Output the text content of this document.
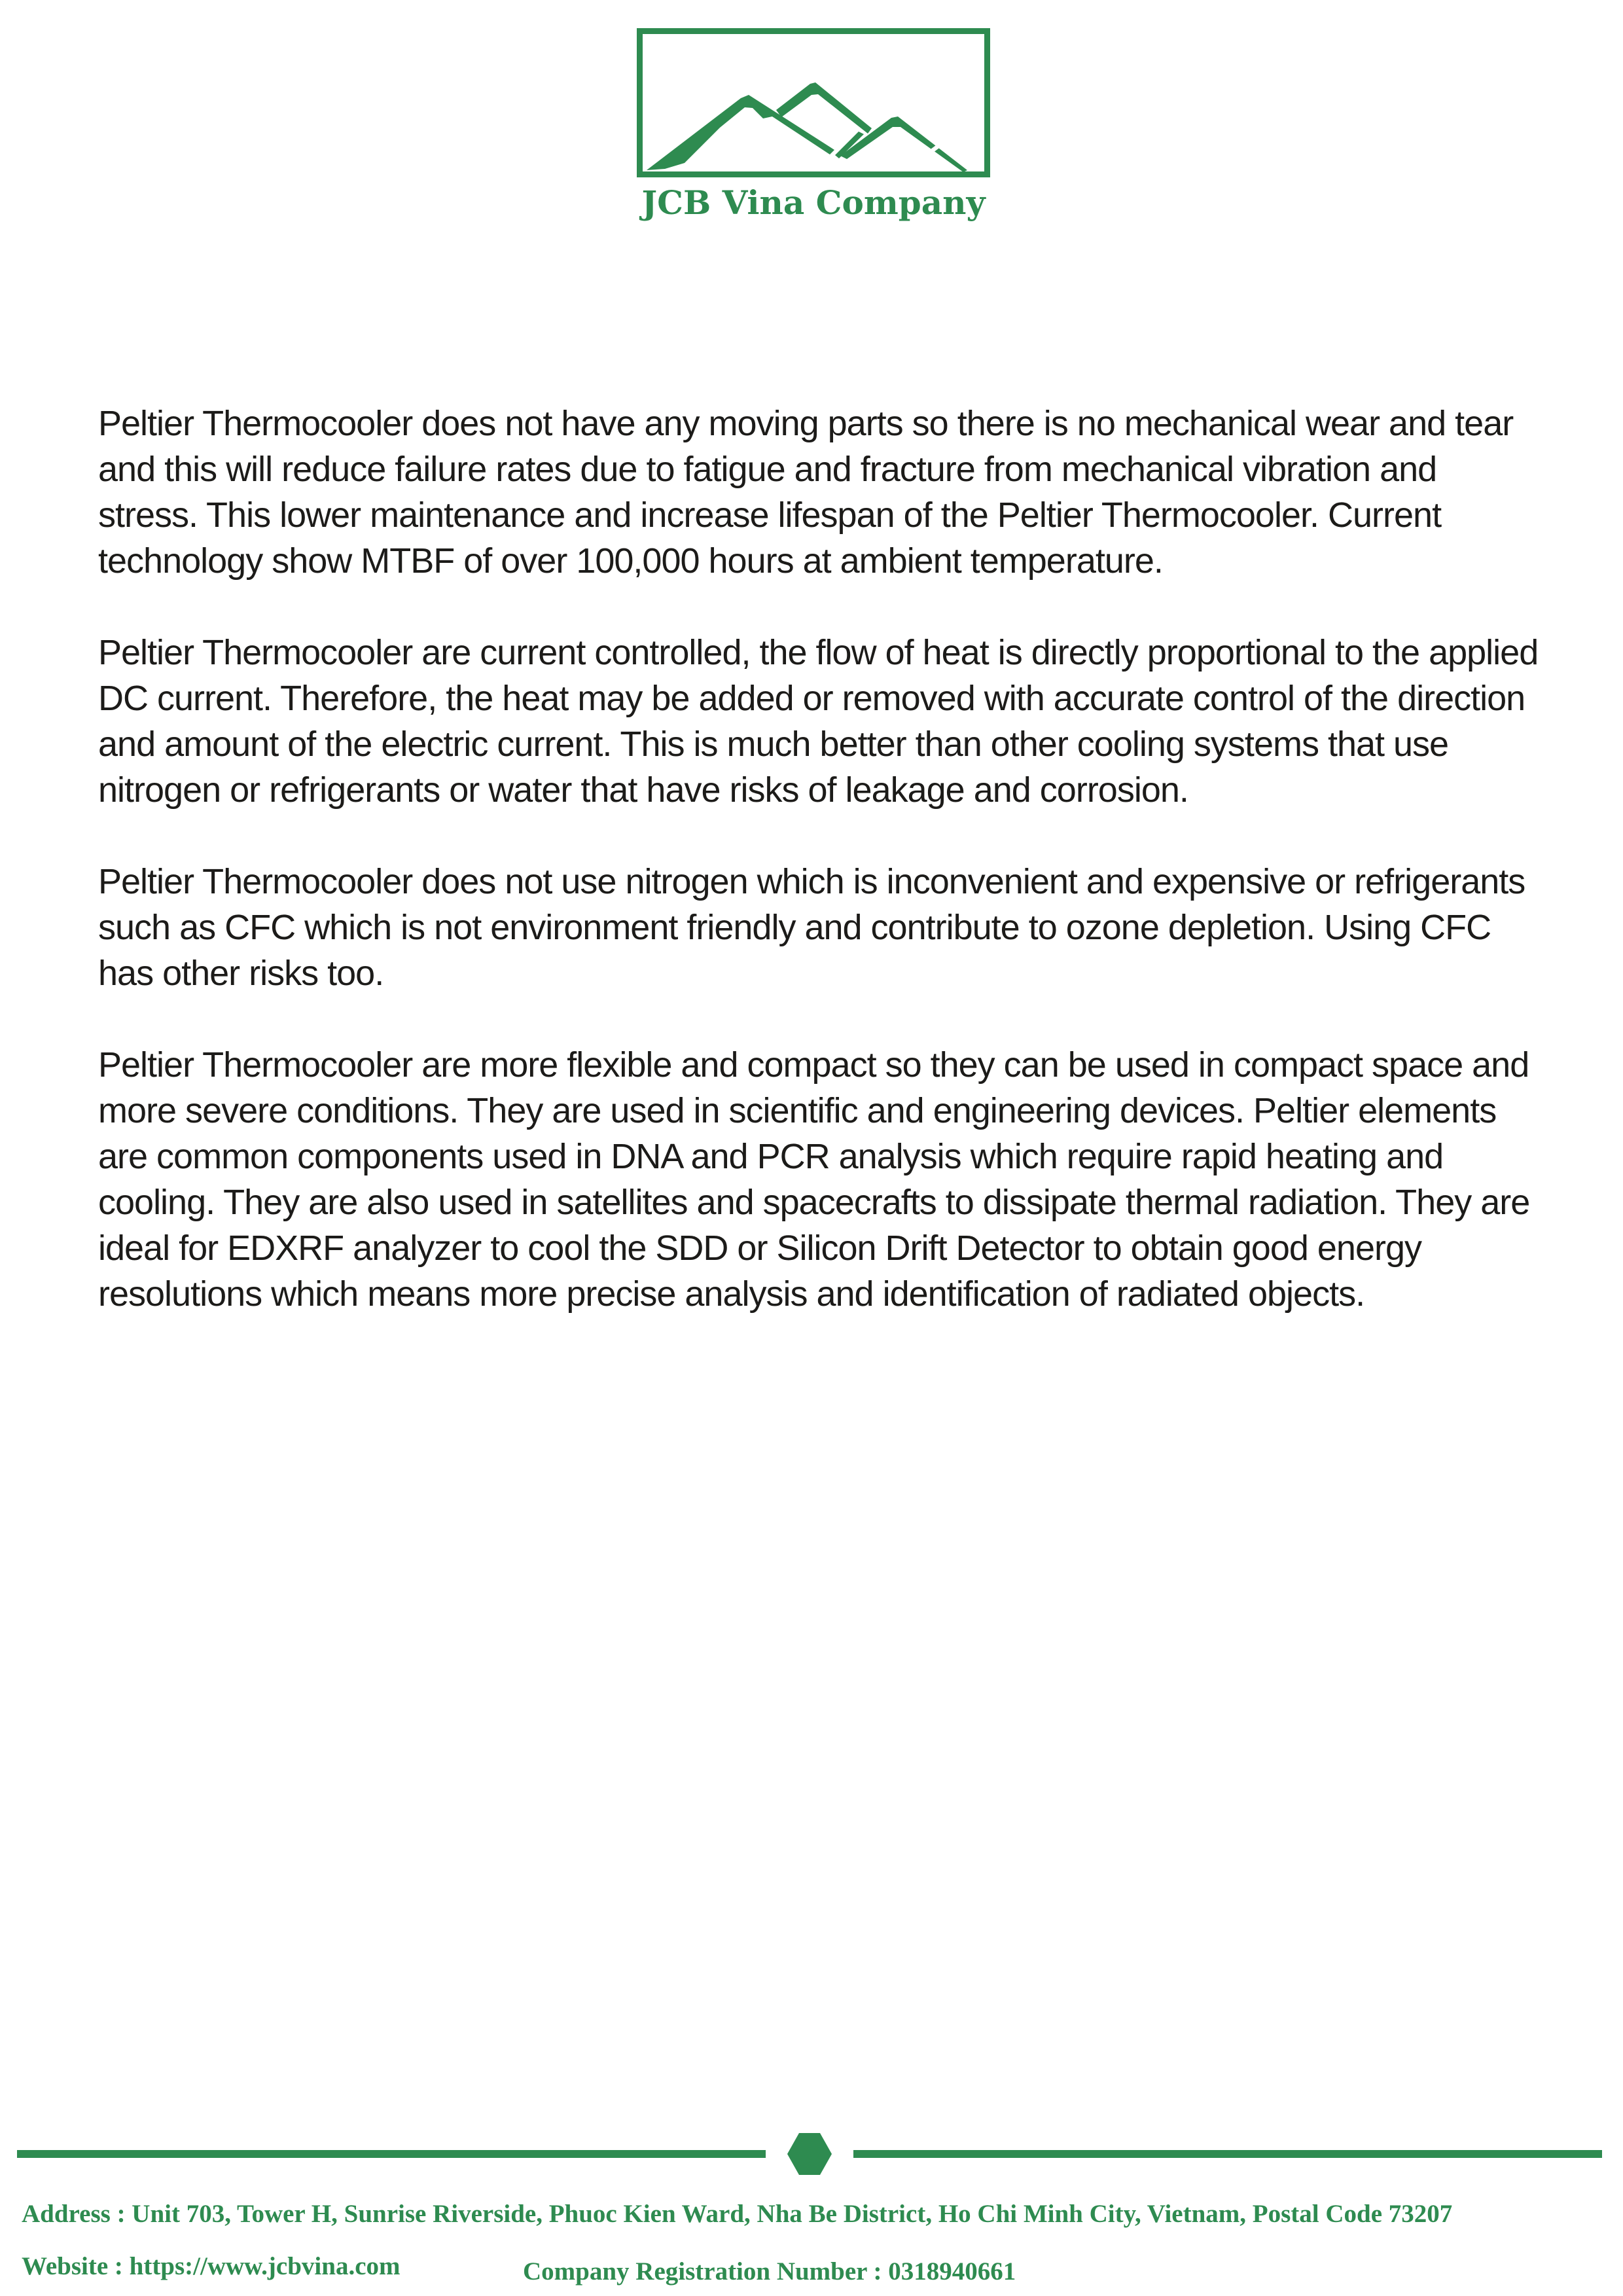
JCB Vina Company

Peltier Thermocooler does not have any moving parts so there is no mechanical wear and tear and this will reduce failure rates due to fatigue and fracture from mechanical vibration and stress. This lower maintenance and increase lifespan of the Peltier Thermocooler. Current technology show MTBF of over 100,000 hours at ambient temperature.

Peltier Thermocooler are current controlled, the flow of heat is directly proportional to the applied DC current. Therefore, the heat may be added or removed with accurate control of the direction and amount of the electric current. This is much better than other cooling systems that use nitrogen or refrigerants or water that have risks of leakage and corrosion.

Peltier Thermocooler does not use nitrogen which is inconvenient and expensive or refrigerants such as CFC which is not environment friendly and contribute to ozone depletion. Using CFC has other risks too.

Peltier Thermocooler are more flexible and compact so they can be used in compact space and more severe conditions. They are used in scientific and engineering devices. Peltier elements are common components used in DNA and PCR analysis which require rapid heating and cooling. They are also used in satellites and spacecrafts to dissipate thermal radiation. They are ideal for EDXRF analyzer to cool the SDD or Silicon Drift Detector to obtain good energy resolutions which means more precise analysis and identification of radiated objects.

Address : Unit 703, Tower H, Sunrise Riverside, Phuoc Kien Ward, Nha Be District, Ho Chi Minh City, Vietnam, Postal Code 73207
Website : https://www.jcbvina.com	Company Registration Number : 0318940661
